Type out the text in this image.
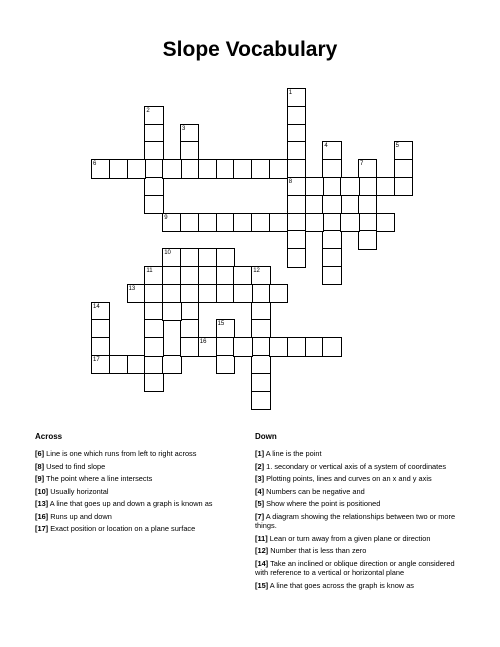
Slope Vocabulary
1
2
3
4	5
6	7
8
9
10
11	12
13
14
15
16
17
Across	Down
[6] Line is one which runs from left to right across
[8] Used to find slope
[9] The point where a line intersects
[10] Usually horizontal
[13] A line that goes up and down a graph is known as
[16] Runs up and down
[17] Exact position or location on a plane surface
[1] A line is the point
[2] 1. secondary or vertical axis of a system of coordinates
[3] Plotting points, lines and curves on an x and y axis
[4] Numbers can be negative and
[5] Show where the point is positioned
[7] A diagram showing the relationships between two or more things.
[11] Lean or turn away from a given plane or direction
[12] Number that is less than zero
[14] Take an inclined or oblique direction or angle considered with reference to a vertical or horizontal plane
[15] A line that goes across the graph is know as
